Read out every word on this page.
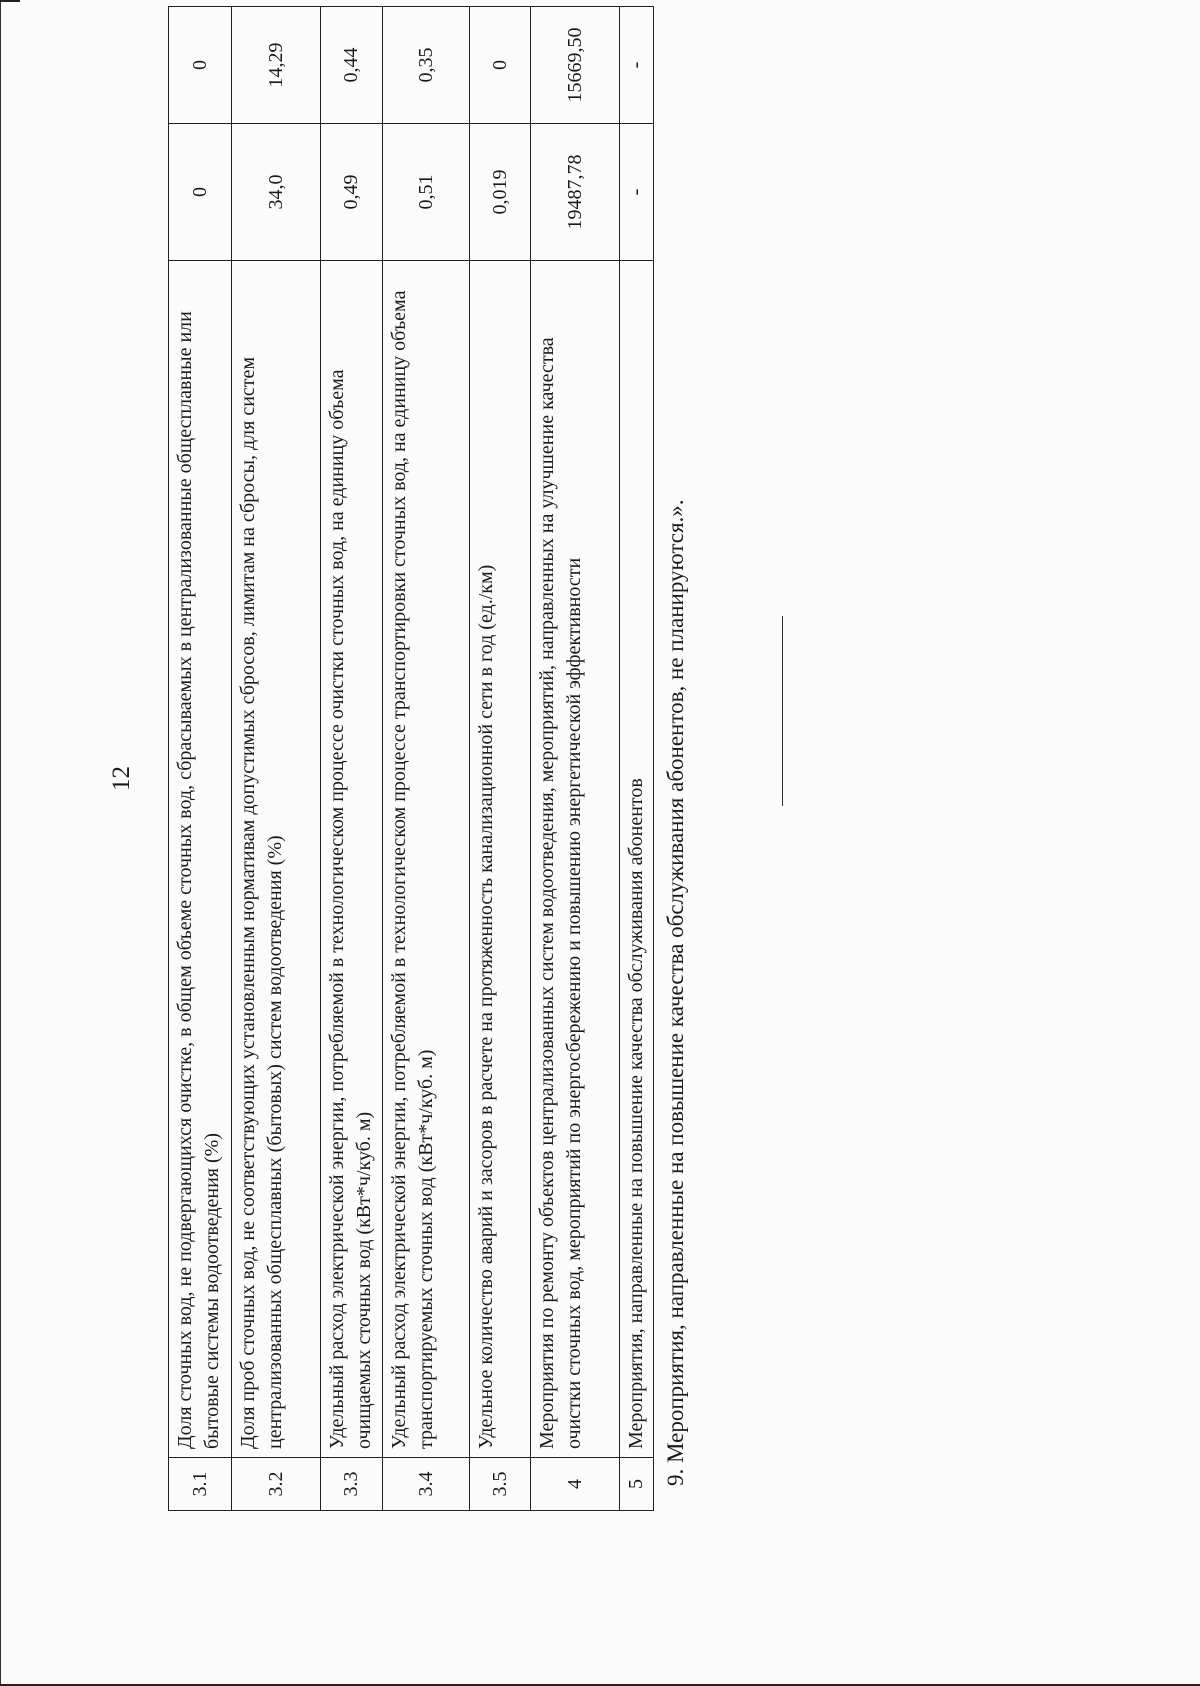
12
3.1	Доля сточных вод, не подвергающихся очистке, в общем объеме сточных вод, сбрасываемых в централизованные общесплавные или бытовые системы водоотведения (%)	0	0
3.2	Доля проб сточных вод, не соответствующих установленным нормативам допустимых сбросов, лимитам на сбросы, для систем централизованных общесплавных (бытовых) систем водоотведения (%)	34,0	14,29
3.3	Удельный расход электрической энергии, потребляемой в технологическом процессе очистки сточных вод, на единицу объема очищаемых сточных вод (кВт*ч/куб. м)	0,49	0,44
3.4	Удельный расход электрической энергии, потребляемой в технологическом процессе транспортировки сточных вод, на единицу объема транспортируемых сточных вод (кВт*ч/куб. м)	0,51	0,35
3.5	Удельное количество аварий и засоров в расчете на протяженность канализационной сети в год (ед./км)	0,019	0
4	Мероприятия по ремонту объектов централизованных систем водоотведения, мероприятий, направленных на улучшение качества очистки сточных вод, мероприятий по энергосбережению и повышению энергетической эффективности	19487,78	15669,50
5	Мероприятия, направленные на повышение качества обслуживания абонентов	-	-
9. Мероприятия, направленные на повышение качества обслуживания абонентов, не планируются.».
